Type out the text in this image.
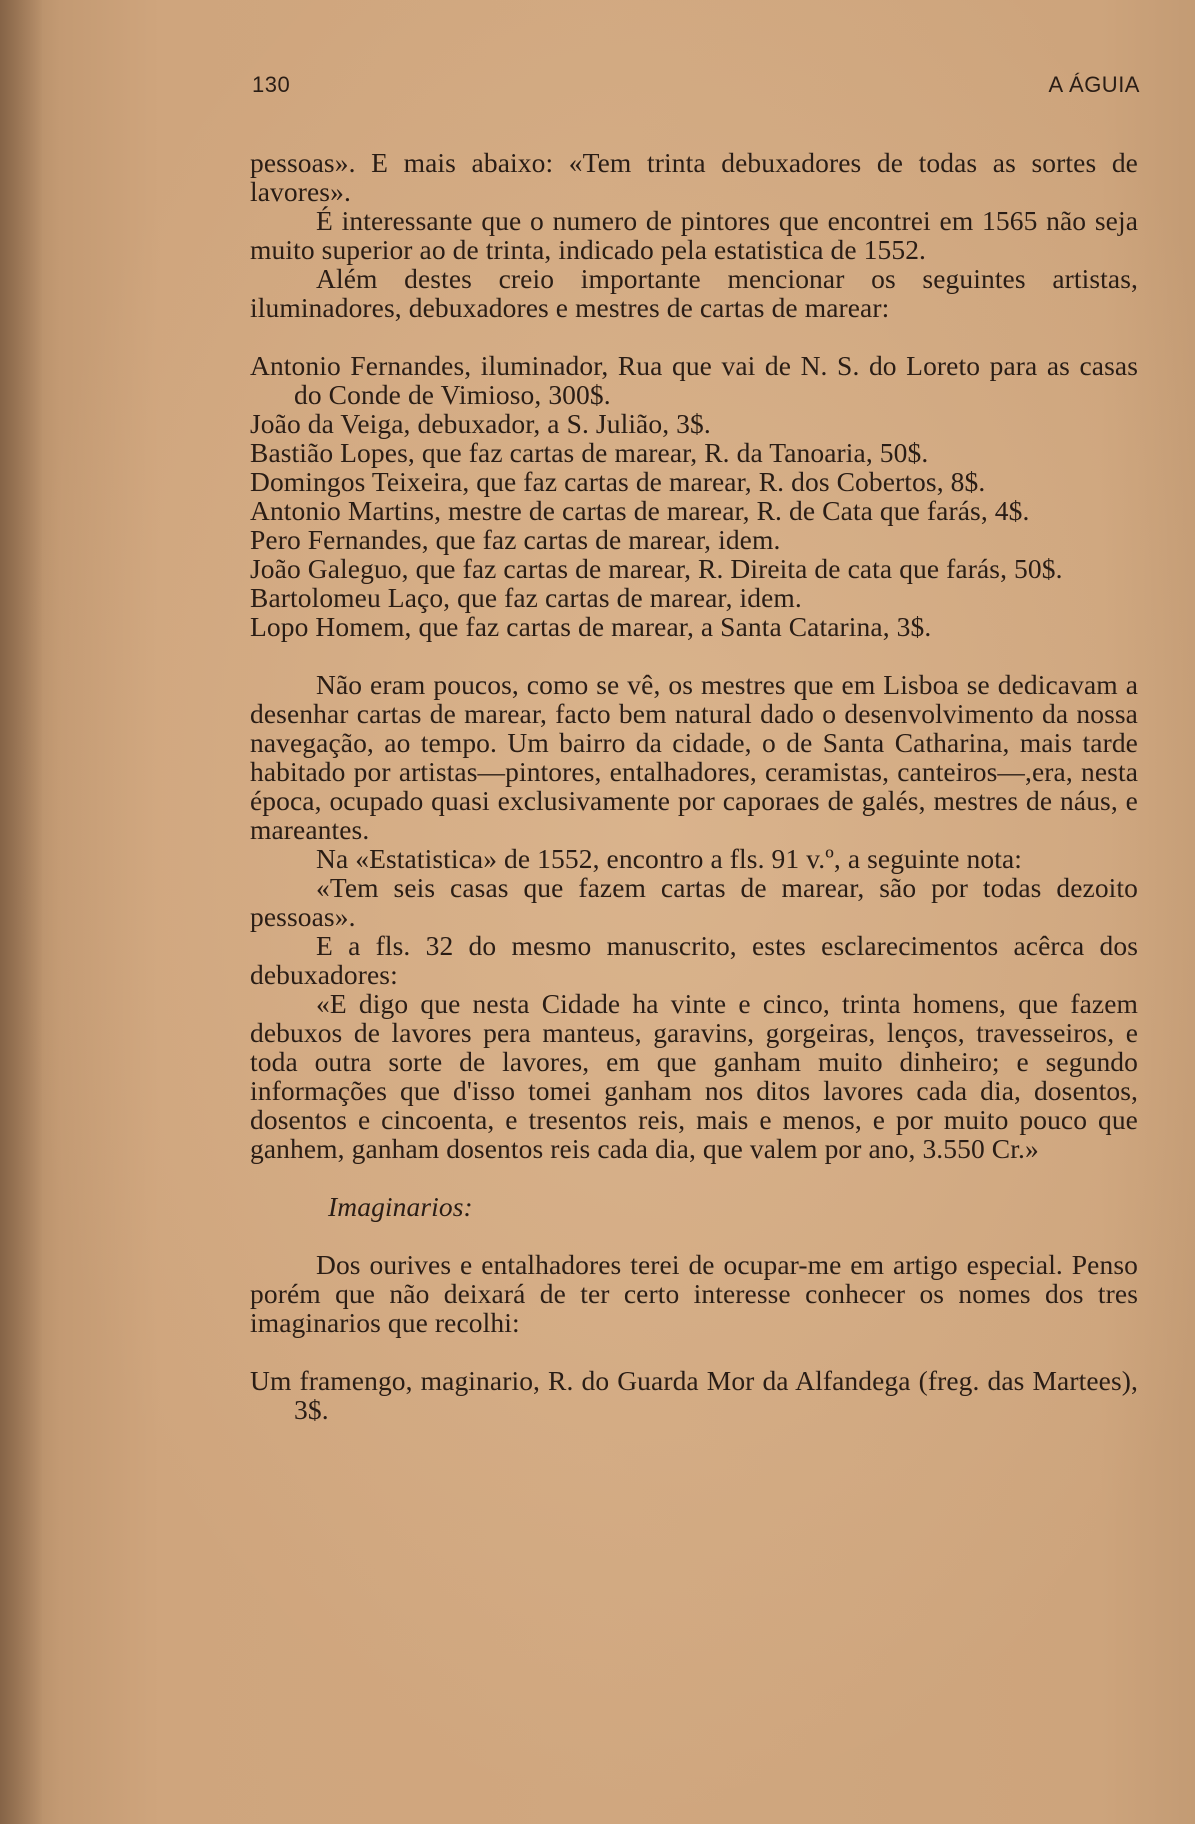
130	A ÁGUIA

pessoas». E mais abaixo: «Tem trinta debuxadores de todas as sortes de lavores».

É interessante que o numero de pintores que encontrei em 1565 não seja muito superior ao de trinta, indicado pela estatistica de 1552.

Além destes creio importante mencionar os seguintes artistas, iluminadores, debuxadores e mestres de cartas de marear:

Antonio Fernandes, iluminador, Rua que vai de N. S. do Loreto para as casas do Conde de Vimioso, 300$.

João da Veiga, debuxador, a S. Julião, 3$.

Bastião Lopes, que faz cartas de marear, R. da Tanoaria, 50$.

Domingos Teixeira, que faz cartas de marear, R. dos Cobertos, 8$.

Antonio Martins, mestre de cartas de marear, R. de Cata que farás, 4$.

Pero Fernandes, que faz cartas de marear, idem.

João Galeguo, que faz cartas de marear, R. Direita de cata que farás, 50$.

Bartolomeu Laço, que faz cartas de marear, idem.

Lopo Homem, que faz cartas de marear, a Santa Catarina, 3$.

Não eram poucos, como se vê, os mestres que em Lisboa se dedicavam a desenhar cartas de marear, facto bem natural dado o desenvolvimento da nossa navegação, ao tempo. Um bairro da cidade, o de Santa Catharina, mais tarde habitado por artistas—pintores, entalhadores, ceramistas, canteiros—,era, nesta época, ocupado quasi exclusivamente por caporaes de galés, mestres de náus, e mareantes.

Na «Estatistica» de 1552, encontro a fls. 91 v.º, a seguinte nota:

«Tem seis casas que fazem cartas de marear, são por todas dezoito pessoas».

E a fls. 32 do mesmo manuscrito, estes esclarecimentos acêrca dos debuxadores:

«E digo que nesta Cidade ha vinte e cinco, trinta homens, que fazem debuxos de lavores pera manteus, garavins, gorgeiras, lenços, travesseiros, e toda outra sorte de lavores, em que ganham muito dinheiro; e segundo informações que d'isso tomei ganham nos ditos lavores cada dia, dosentos, dosentos e cincoenta, e tresentos reis, mais e menos, e por muito pouco que ganhem, ganham dosentos reis cada dia, que valem por ano, 3.550 Cr.»

Imaginarios:

Dos ourives e entalhadores terei de ocupar-me em artigo especial. Penso porém que não deixará de ter certo interesse conhecer os nomes dos tres imaginarios que recolhi:

Um framengo, maginario, R. do Guarda Mor da Alfandega (freg. das Martees), 3$.
